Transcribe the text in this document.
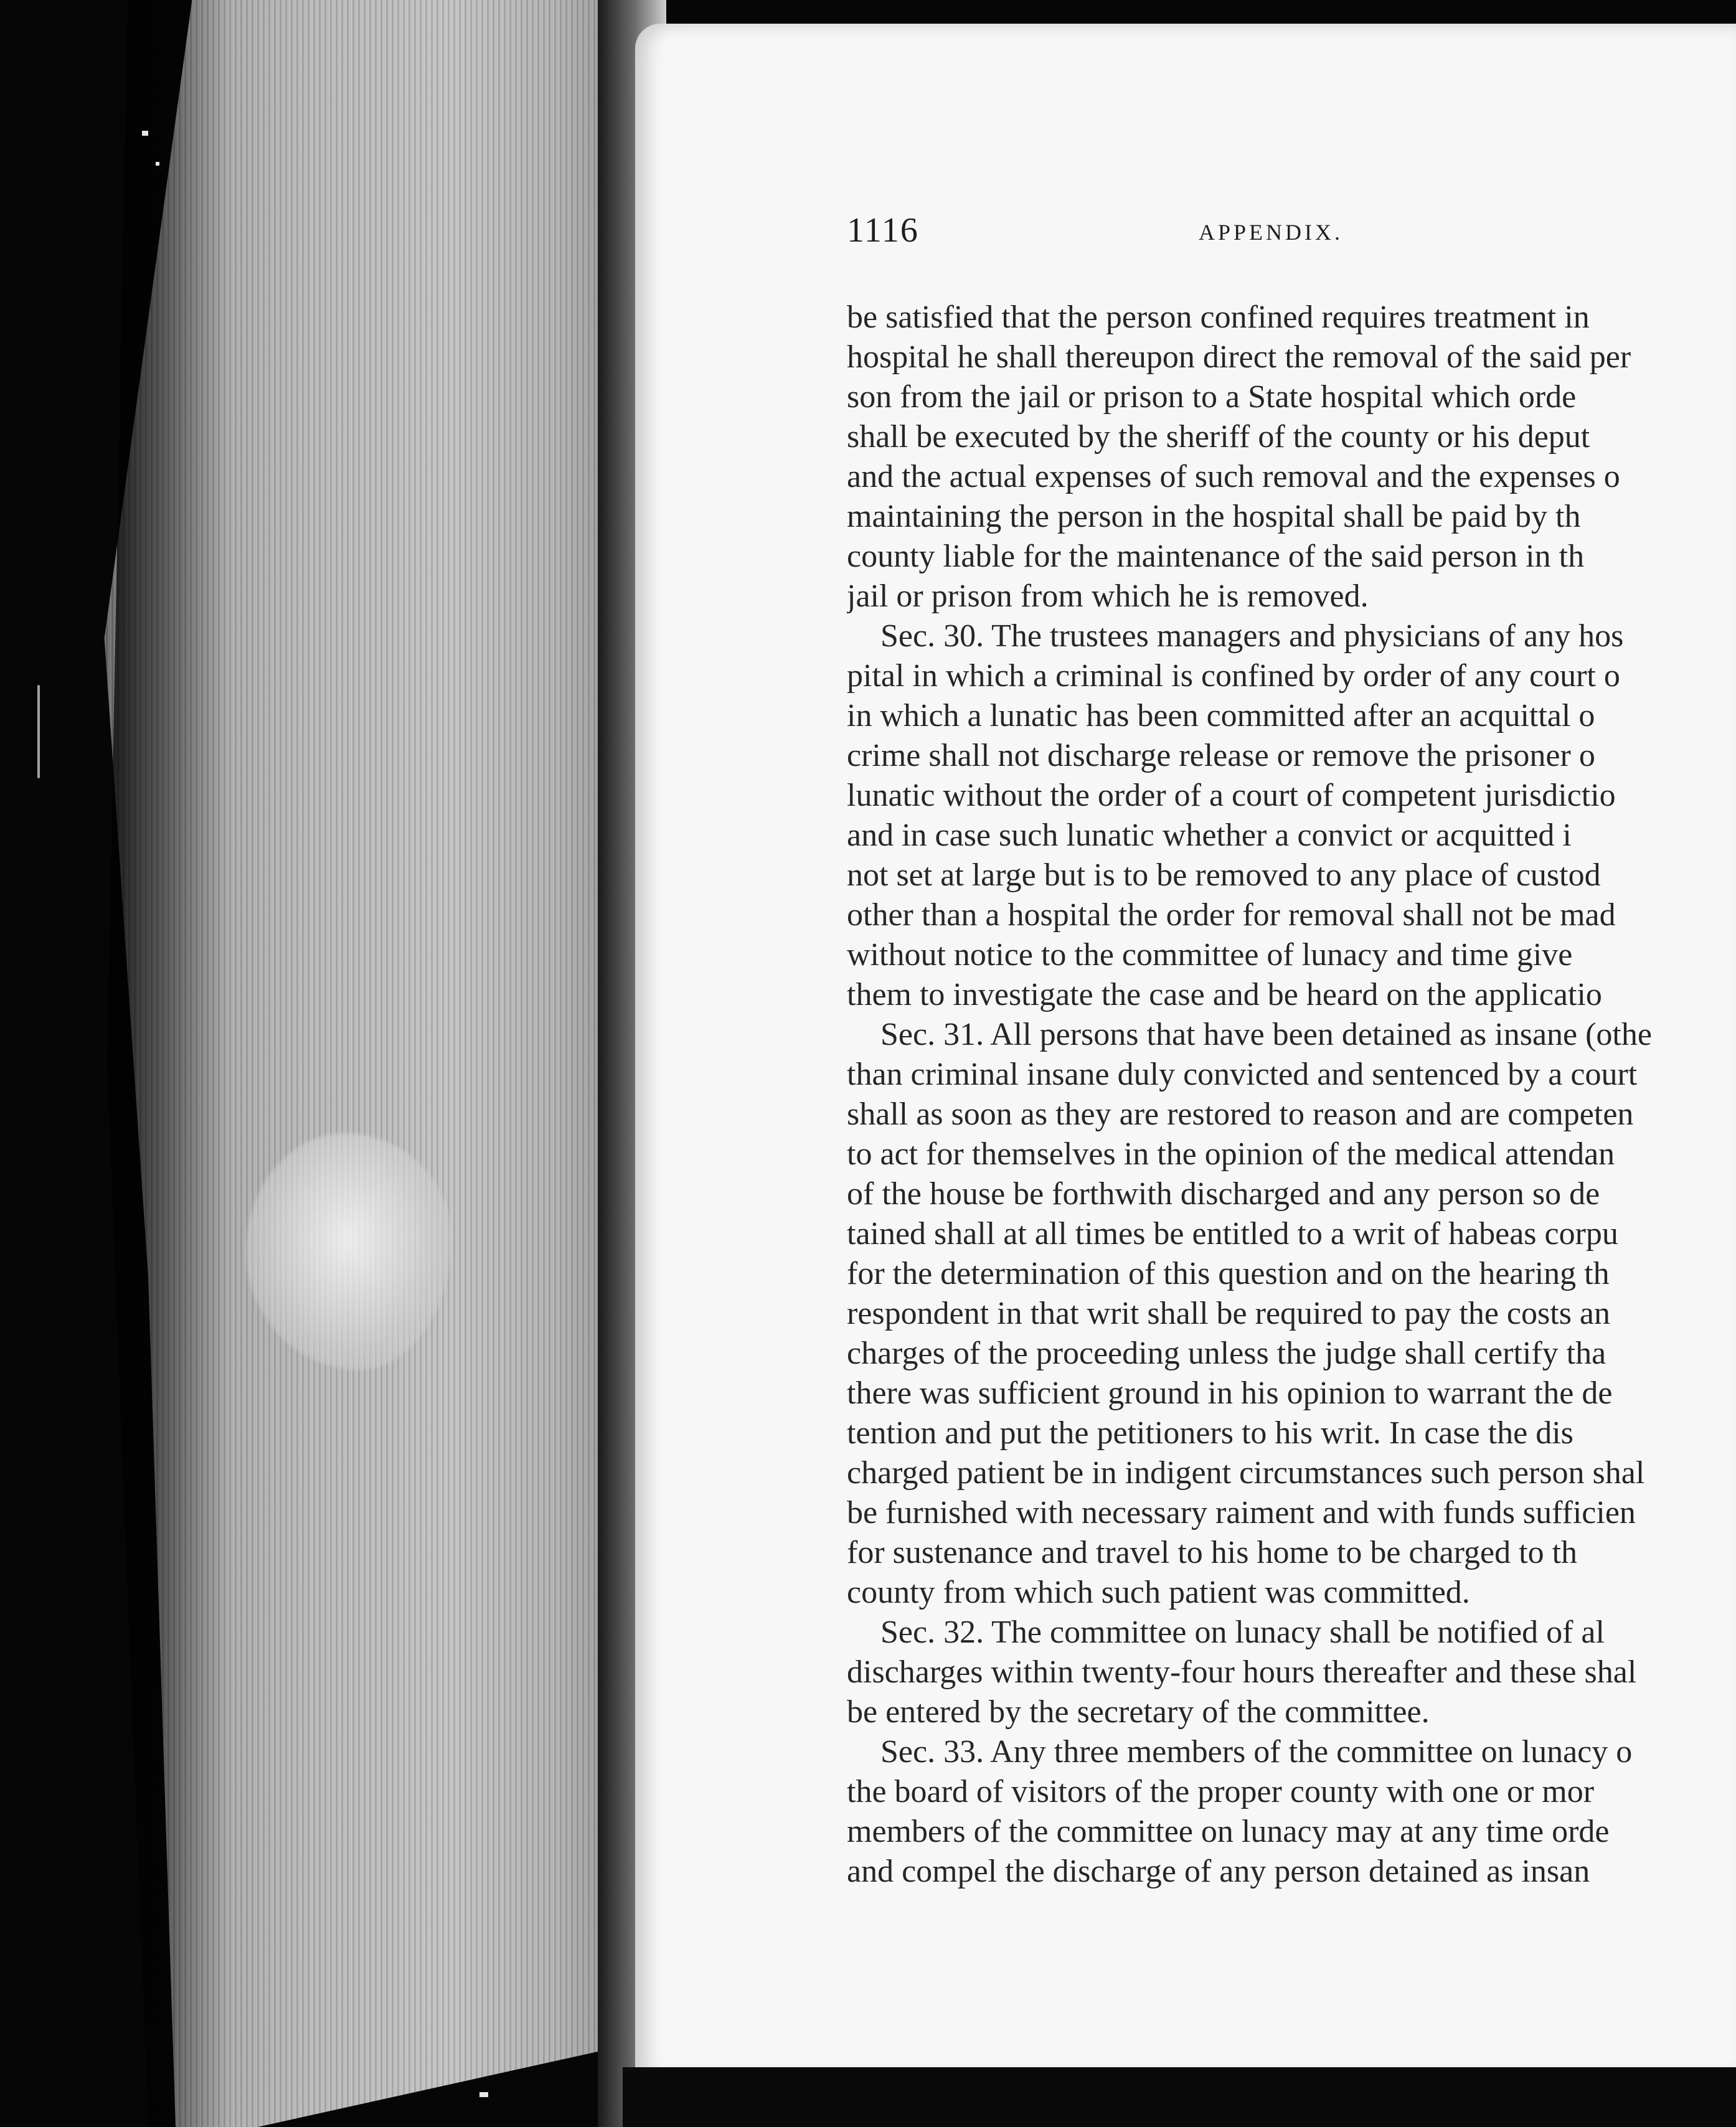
1116	APPENDIX.
be satisfied that the person confined requires treatment in
hospital he shall thereupon direct the removal of the said per
son from the jail or prison to a State hospital which orde
shall be executed by the sheriff of the county or his deput
and the actual expenses of such removal and the expenses o
maintaining the person in the hospital shall be paid by th
county liable for the maintenance of the said person in th
jail or prison from which he is removed.
Sec. 30. The trustees managers and physicians of any hos
pital in which a criminal is confined by order of any court o
in which a lunatic has been committed after an acquittal o
crime shall not discharge release or remove the prisoner o
lunatic without the order of a court of competent jurisdictio
and in case such lunatic whether a convict or acquitted i
not set at large but is to be removed to any place of custod
other than a hospital the order for removal shall not be mad
without notice to the committee of lunacy and time give
them to investigate the case and be heard on the applicatio
Sec. 31. All persons that have been detained as insane (othe
than criminal insane duly convicted and sentenced by a court
shall as soon as they are restored to reason and are competen
to act for themselves in the opinion of the medical attendan
of the house be forthwith discharged and any person so de
tained shall at all times be entitled to a writ of habeas corpu
for the determination of this question and on the hearing th
respondent in that writ shall be required to pay the costs an
charges of the proceeding unless the judge shall certify tha
there was sufficient ground in his opinion to warrant the de
tention and put the petitioners to his writ. In case the dis
charged patient be in indigent circumstances such person shal
be furnished with necessary raiment and with funds sufficien
for sustenance and travel to his home to be charged to th
county from which such patient was committed.
Sec. 32. The committee on lunacy shall be notified of al
discharges within twenty-four hours thereafter and these shal
be entered by the secretary of the committee.
Sec. 33. Any three members of the committee on lunacy o
the board of visitors of the proper county with one or mor
members of the committee on lunacy may at any time orde
and compel the discharge of any person detained as insan
